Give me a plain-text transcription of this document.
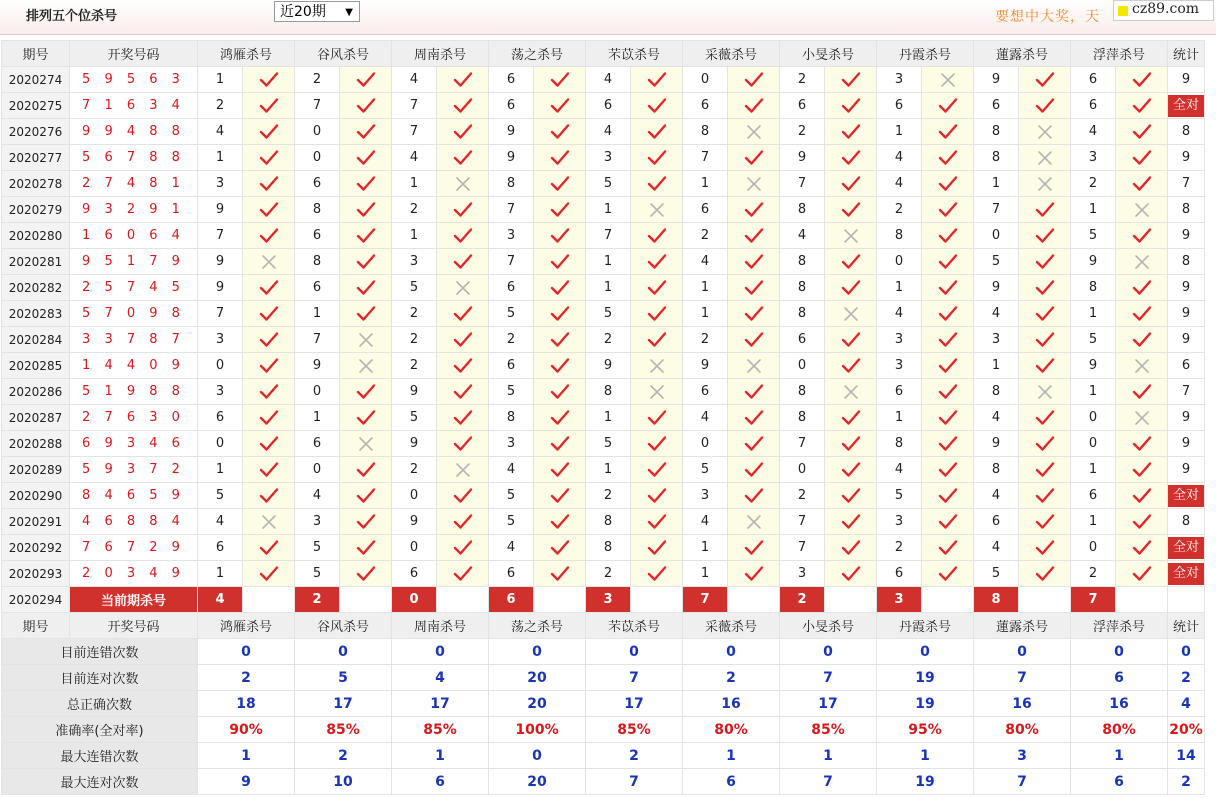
排列五个位杀号	近20期 ▼	要想中大奖，天 cz89.com
期号	开奖号码	鸿雁杀号		谷风杀号		周南杀号		荡之杀号		芣苡杀号		采薇杀号		小旻杀号		丹霞杀号		蓮露杀号		浮萍杀号		统计
2020274	5 9 5 6 3	1		2		4		6		4		0		2		3		9		6		9
2020275	7 1 6 3 4	2		7		7		6		6		6		6		6		6		6		全对
2020276	9 9 4 8 8	4		0		7		9		4		8		2		1		8		4		8
2020277	5 6 7 8 8	1		0		4		9		3		7		9		4		8		3		9
2020278	2 7 4 8 1	3		6		1		8		5		1		7		4		1		2		7
2020279	9 3 2 9 1	9		8		2		7		1		6		8		2		7		1		8
2020280	1 6 0 6 4	7		6		1		3		7		2		4		8		0		5		9
2020281	9 5 1 7 9	9		8		3		7		1		4		8		0		5		9		8
2020282	2 5 7 4 5	9		6		5		6		1		1		8		1		9		8		9
2020283	5 7 0 9 8	7		1		2		5		5		1		8		4		4		1		9
2020284	3 3 7 8 7	3		7		2		2		2		2		6		3		3		5		9
2020285	1 4 4 0 9	0		9		2		6		9		9		0		3		1		9		6
2020286	5 1 9 8 8	3		0		9		5		8		6		8		6		8		1		7
2020287	2 7 6 3 0	6		1		5		8		1		4		8		1		4		0		9
2020288	6 9 3 4 6	0		6		9		3		5		0		7		8		9		0		9
2020289	5 9 3 7 2	1		0		2		4		1		5		0		4		8		1		9
2020290	8 4 6 5 9	5		4		0		5		2		3		2		5		4		6		全对
2020291	4 6 8 8 4	4		3		9		5		8		4		7		3		6		1		8
2020292	7 6 7 2 9	6		5		0		4		8		1		7		2		4		0		全对
2020293	2 0 3 4 9	1		5		6		6		2		1		3		6		5		2		全对
2020294	当前期杀号	4		2		0		6		3		7		2		3		8		7		
期号	开奖号码	鸿雁杀号		谷风杀号		周南杀号		荡之杀号		芣苡杀号		采薇杀号		小旻杀号		丹霞杀号		蓮露杀号		浮萍杀号		统计
目前连错次数		0		0		0		0		0		0		0		0		0		0		0
目前连对次数		2		5		4		20		7		2		7		19		7		6		2
总正确次数		18		17		17		20		17		16		17		19		16		16		4
准确率(全对率)		90%		85%		85%		100%		85%		80%		85%		95%		80%		80%		20%
最大连错次数		1		2		1		0		2		1		1		1		3		1		14
最大连对次数		9		10		6		20		7		6		7		19		7		6		2
